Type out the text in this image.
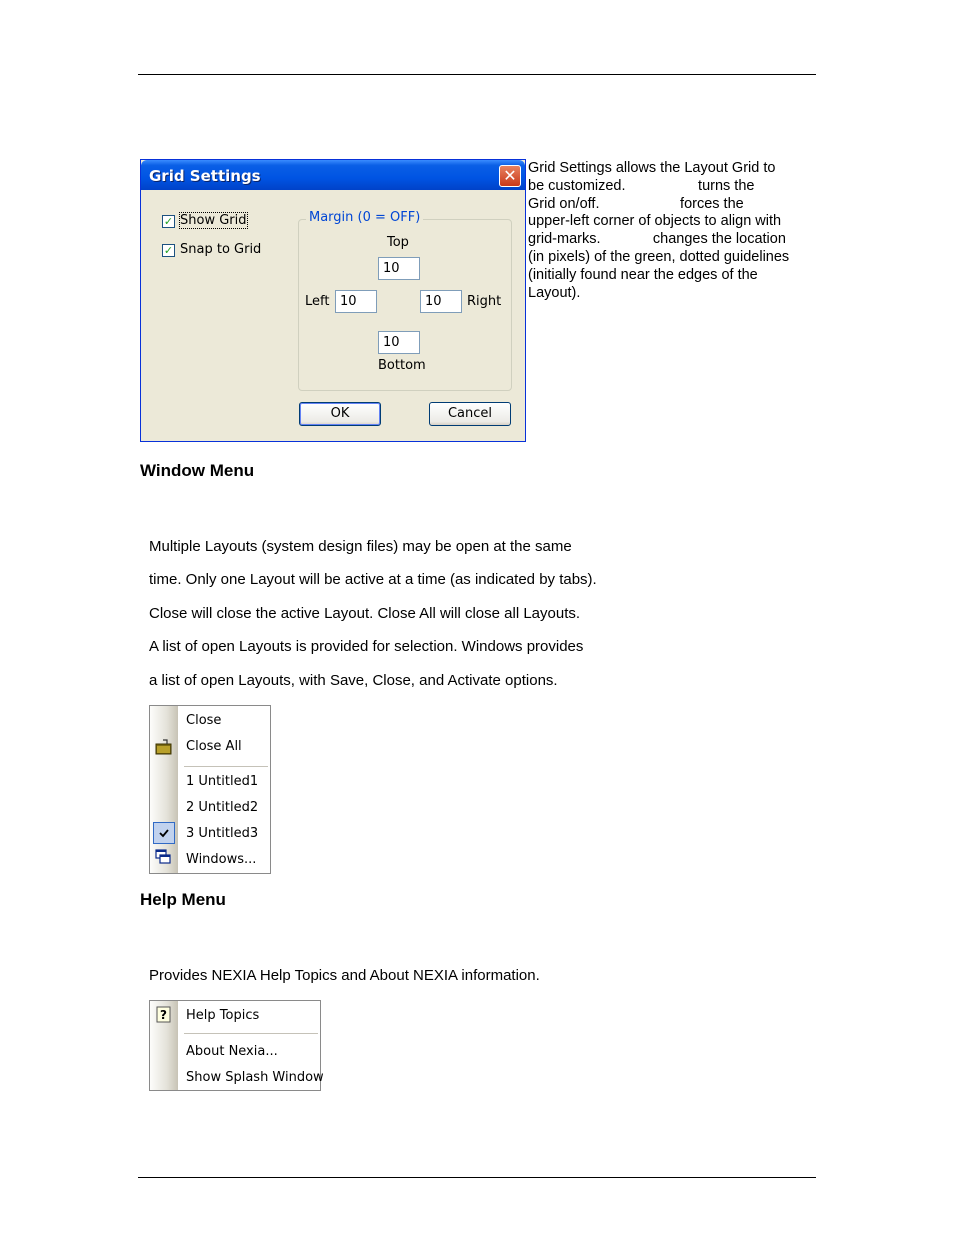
Grid Settings	✕
✓ Show Grid
✓ Snap to Grid
Margin (0 = OFF)
Top
10
Left 10	10	Right
10
Bottom
OK	Cancel
Grid Settings allows the Layout Grid to
be customized.                  turns the
Grid on/off.                    forces the
upper-left corner of objects to align with
grid-marks.             changes the location
(in pixels) of the green, dotted guidelines
(initially found near the edges of the
Layout).
Window Menu
Multiple Layouts (system design files) may be open at the same
time. Only one Layout will be active at a time (as indicated by tabs).
Close will close the active Layout. Close All will close all Layouts.
A list of open Layouts is provided for selection. Windows provides
a list of open Layouts, with Save, Close, and Activate options.
Close
Close All
1 Untitled1
2 Untitled2
3 Untitled3
Windows...
Help Menu
Provides NEXIA Help Topics and About NEXIA information.
? Help Topics
About Nexia...
Show Splash Window
